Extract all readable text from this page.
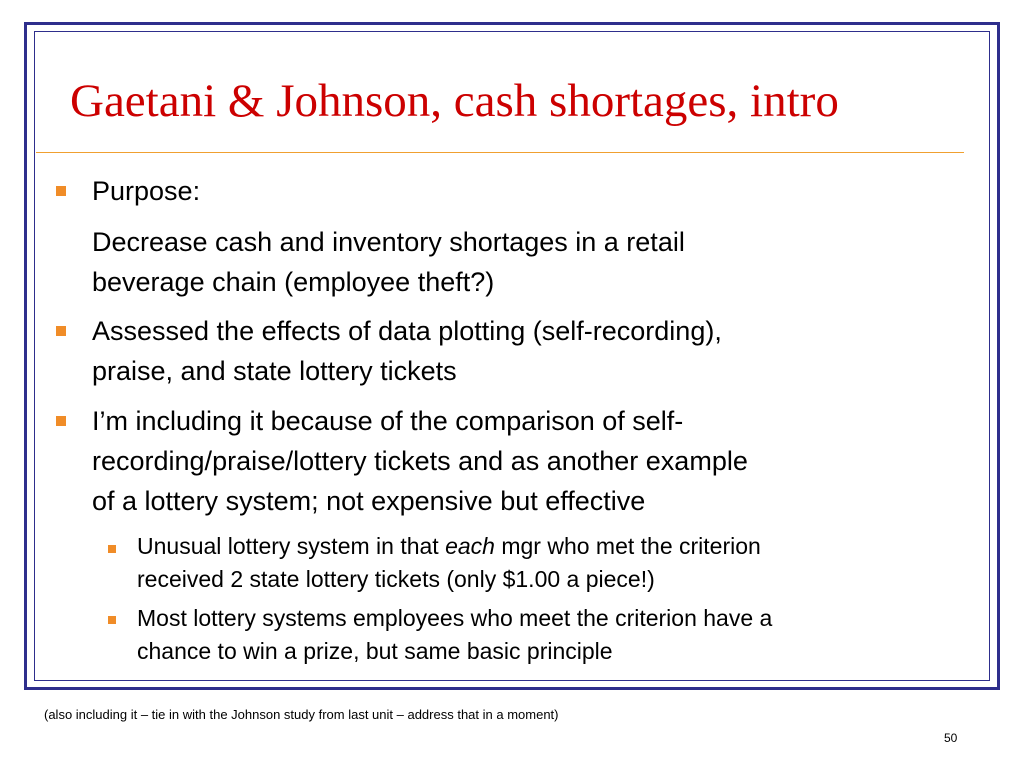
Gaetani & Johnson, cash shortages, intro
Purpose:
Decrease cash and inventory shortages in a retail
beverage chain (employee theft?)
Assessed the effects of data plotting (self-recording),
praise, and state lottery tickets
I’m including it because of the comparison of self-
recording/praise/lottery tickets and as another example
of a lottery system; not expensive but effective
Unusual lottery system in that each mgr who met the criterion
received 2 state lottery tickets (only $1.00 a piece!)
Most lottery systems employees who meet the criterion have a
chance to win a prize, but same basic principle
(also including it – tie in with the Johnson study from last unit – address that in a moment)
50
